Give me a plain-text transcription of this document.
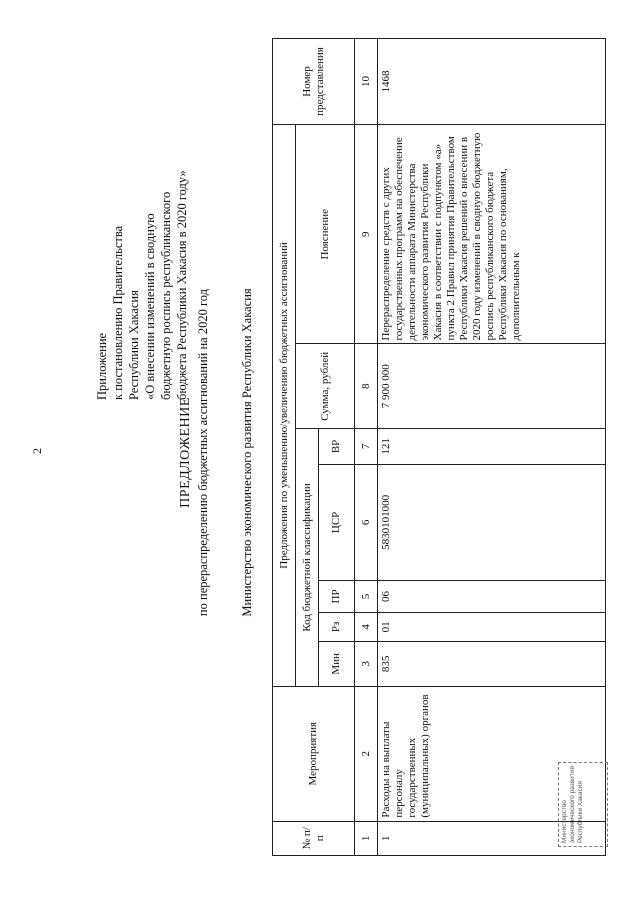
2
Приложение к постановлению Правительства Республики Хакасия «О внесении изменений в сводную бюджетную роспись республиканского бюджета Республики Хакасия в 2020 году»
ПРЕДЛОЖЕНИЕ по перераспределению бюджетных ассигнований на 2020 год Министерство экономического развития Республики Хакасия
№ п/п	Мероприятия	Предложения по уменьшению/увеличению бюджетных ассигнований							Номер представления
		Код бюджетной классификации					Сумма, рублей	Пояснение	
		Мин	Рз	ПР	ЦСР	ВР			
1	2	3	4	5	6	7	8	9	10
1	Расходы на выплаты персоналу государственных (муниципальных) органов	835	01	06	5830101000	121	7 900 000	Перераспределение средств с других государственных программ на обеспечение деятельности аппарата Министерства экономического развития Республики Хакасия в соответствии с подпунктом «а» пункта 2 Правил принятия Правительством Республики Хакасия решений о внесении в 2020 году изменений в сводную бюджетную роспись республиканского бюджета Республики Хакасия по основаниям, дополнительным к	1468
Министерство экономического развития Республики Хакасия
